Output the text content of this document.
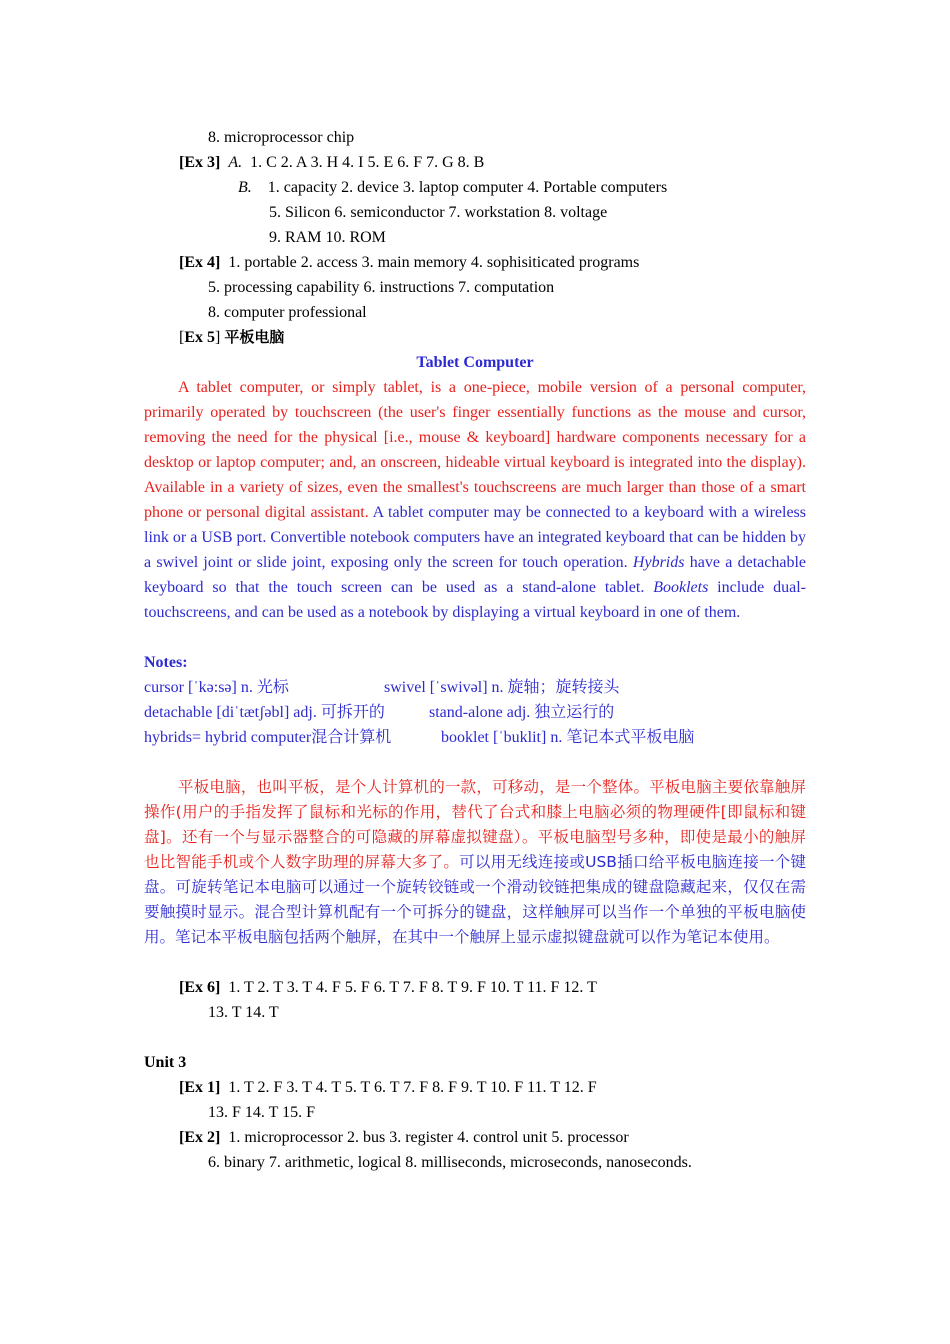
8. microprocessor chip
[Ex 3] A. 1. C 2. A 3. H 4. I 5. E 6. F 7. G 8. B
B. 1. capacity 2. device 3. laptop computer 4. Portable computers
5. Silicon 6. semiconductor 7. workstation 8. voltage
9. RAM 10. ROM
[Ex 4] 1. portable 2. access 3. main memory 4. sophisiticated programs
5. processing capability 6. instructions 7. computation
8. computer professional
[Ex 5] 平板电脑
Tablet Computer
A tablet computer, or simply tablet, is a one-piece, mobile version of a personal computer, primarily operated by touchscreen (the user's finger essentially functions as the mouse and cursor, removing the need for the physical [i.e., mouse & keyboard] hardware components necessary for a desktop or laptop computer; and, an onscreen, hideable virtual keyboard is integrated into the display). Available in a variety of sizes, even the smallest's touchscreens are much larger than those of a smart phone or personal digital assistant. A tablet computer may be connected to a keyboard with a wireless link or a USB port. Convertible notebook computers have an integrated keyboard that can be hidden by a swivel joint or slide joint, exposing only the screen for touch operation. Hybrids have a detachable keyboard so that the touch screen can be used as a stand-alone tablet. Booklets include dual-touchscreens, and can be used as a notebook by displaying a virtual keyboard in one of them.
Notes:
cursor [ˈkə:sə] n. 光标	swivel [ˈswivəl] n. 旋轴；旋转接头
detachable [diˈtætʃəbl] adj. 可拆开的	stand-alone adj. 独立运行的
hybrids= hybrid computer混合计算机	booklet [ˈbuklit] n. 笔记本式平板电脑
平板电脑，也叫平板，是个人计算机的一款，可移动，是一个整体。平板电脑主要依靠触屏操作(用户的手指发挥了鼠标和光标的作用，替代了台式和膝上电脑必须的物理硬件[即鼠标和键盘]。还有一个与显示器整合的可隐藏的屏幕虚拟键盘）。平板电脑型号多种，即使是最小的触屏也比智能手机或个人数字助理的屏幕大多了。可以用无线连接或USB插口给平板电脑连接一个键盘。可旋转笔记本电脑可以通过一个旋转铰链或一个滑动铰链把集成的键盘隐藏起来，仅仅在需要触摸时显示。混合型计算机配有一个可拆分的键盘，这样触屏可以当作一个单独的平板电脑使用。笔记本平板电脑包括两个触屏，在其中一个触屏上显示虚拟键盘就可以作为笔记本使用。
[Ex 6] 1. T 2. T 3. T 4. F 5. F 6. T 7. F 8. T 9. F 10. T 11. F 12. T
13. T 14. T
Unit 3
[Ex 1] 1. T 2. F 3. T 4. T 5. T 6. T 7. F 8. F 9. T 10. F 11. T 12. F
13. F 14. T 15. F
[Ex 2] 1. microprocessor 2. bus 3. register 4. control unit 5. processor
6. binary 7. arithmetic, logical 8. milliseconds, microseconds, nanoseconds.
